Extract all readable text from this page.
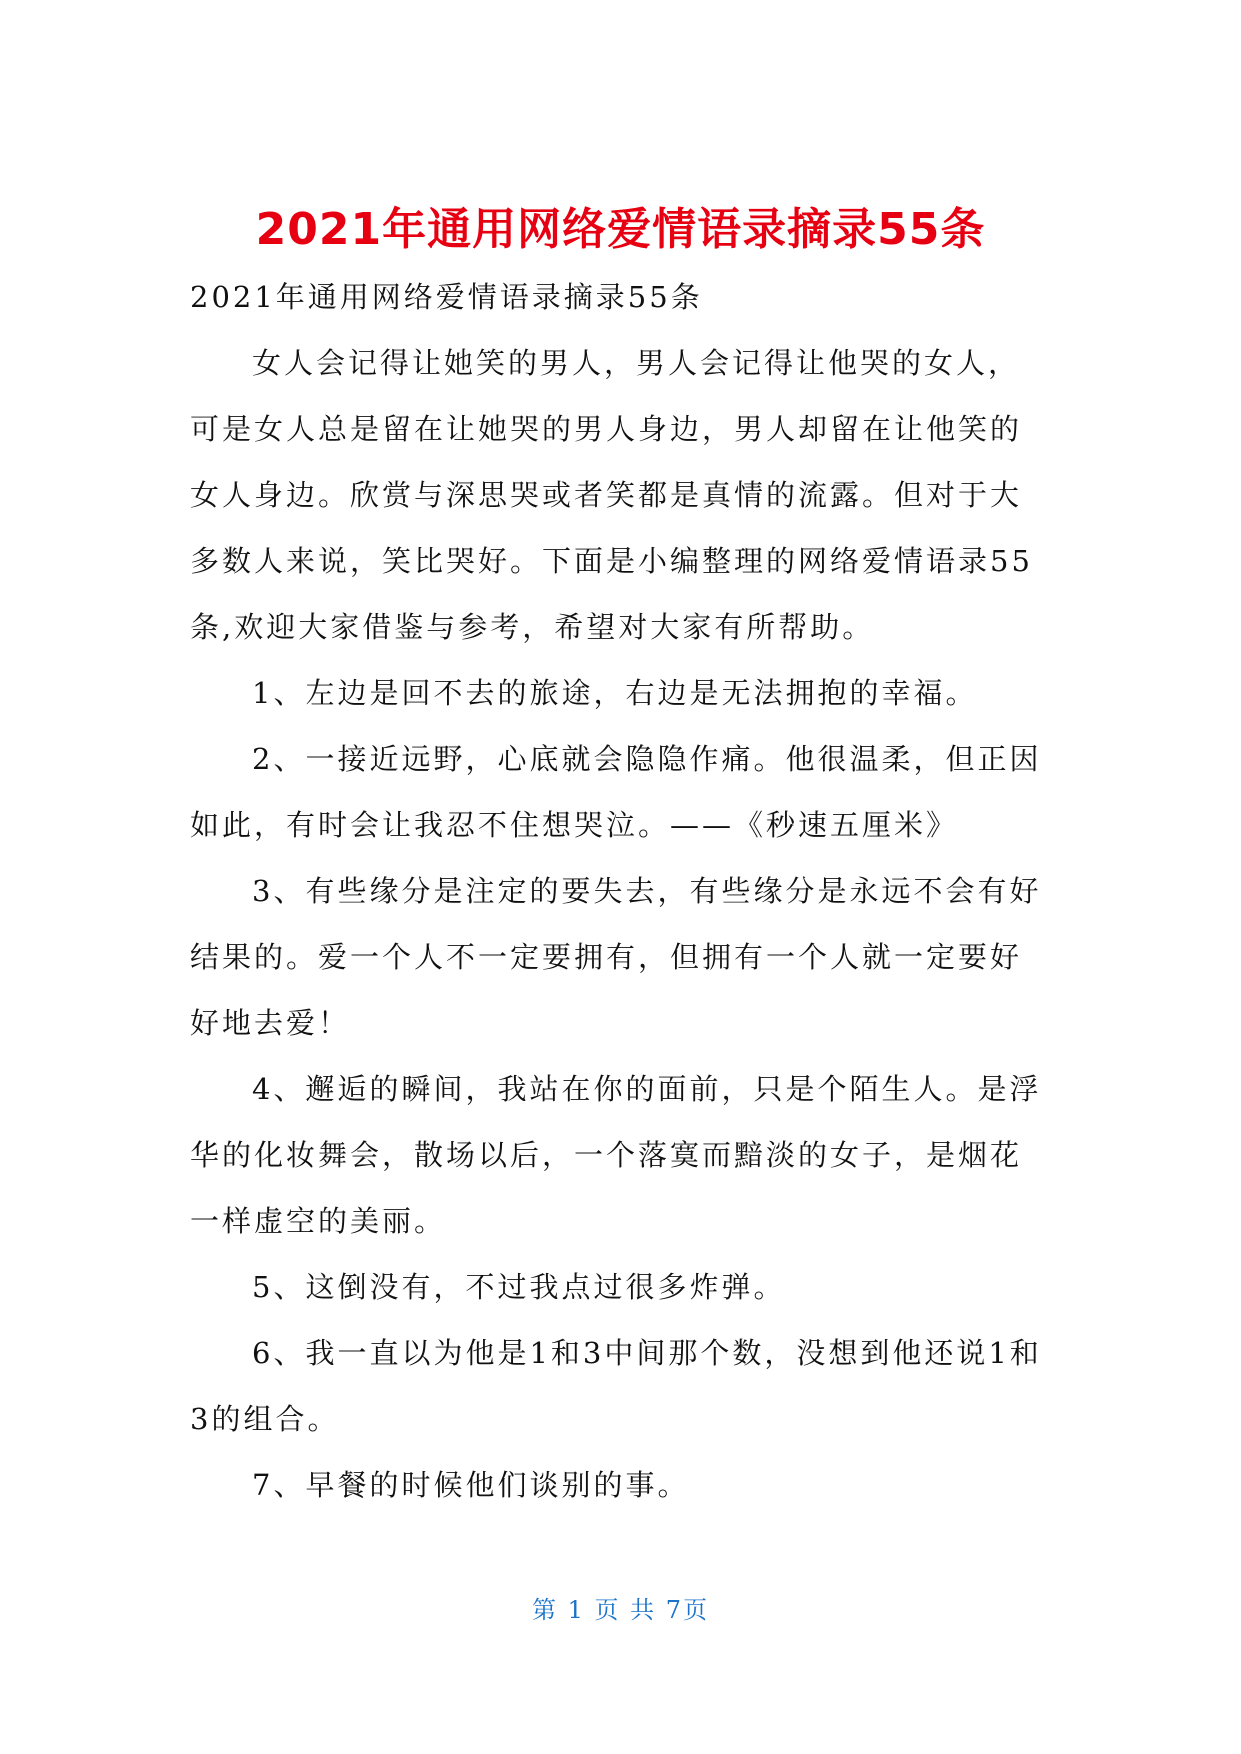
2021年通用网络爱情语录摘录55条

2021年通用网络爱情语录摘录55条

女人会记得让她笑的男人，男人会记得让他哭的女人，可是女人总是留在让她哭的男人身边，男人却留在让他笑的女人身边。欣赏与深思哭或者笑都是真情的流露。但对于大多数人来说，笑比哭好。下面是小编整理的网络爱情语录55条,欢迎大家借鉴与参考，希望对大家有所帮助。

1、左边是回不去的旅途，右边是无法拥抱的幸福。

2、一接近远野，心底就会隐隐作痛。他很温柔，但正因如此，有时会让我忍不住想哭泣。——《秒速五厘米》

3、有些缘分是注定的要失去，有些缘分是永远不会有好结果的。爱一个人不一定要拥有，但拥有一个人就一定要好好地去爱！

4、邂逅的瞬间，我站在你的面前，只是个陌生人。是浮华的化妆舞会，散场以后，一个落寞而黯淡的女子，是烟花一样虚空的美丽。

5、这倒没有，不过我点过很多炸弹。

6、我一直以为他是1和3中间那个数，没想到他还说1和3的组合。

7、早餐的时候他们谈别的事。

第 1 页 共 7页
